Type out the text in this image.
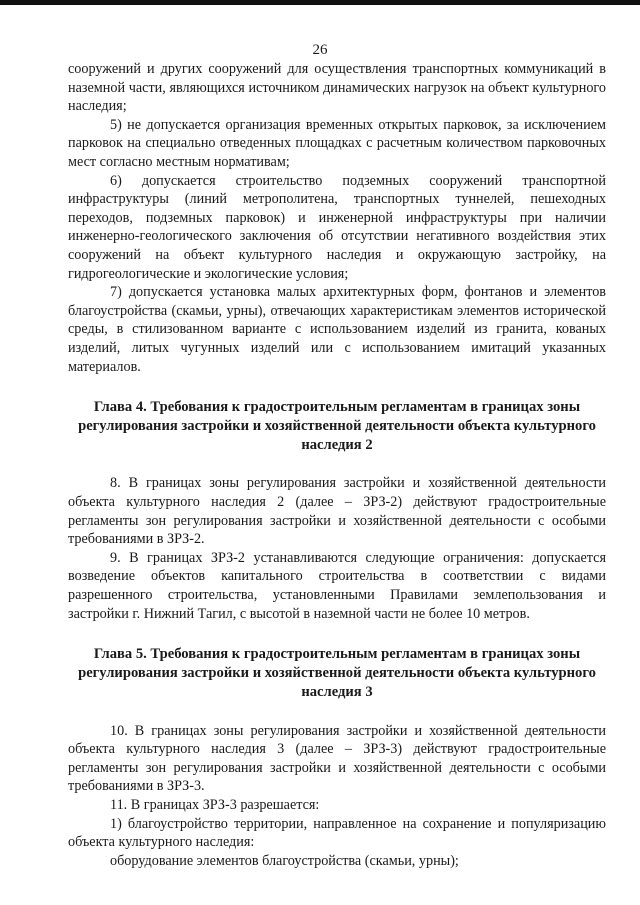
26

сооружений и других сооружений для осуществления транспортных коммуникаций в наземной части, являющихся источником динамических нагрузок на объект культурного наследия;

5) не допускается организация временных открытых парковок, за исключением парковок на специально отведенных площадках с расчетным количеством парковочных мест согласно местным нормативам;

6) допускается строительство подземных сооружений транспортной инфраструктуры (линий метрополитена, транспортных туннелей, пешеходных переходов, подземных парковок) и инженерной инфраструктуры при наличии инженерно-геологического заключения об отсутствии негативного воздействия этих сооружений на объект культурного наследия и окружающую застройку, на гидрогеологические и экологические условия;

7) допускается установка малых архитектурных форм, фонтанов и элементов благоустройства (скамьи, урны), отвечающих характеристикам элементов исторической среды, в стилизованном варианте с использованием изделий из гранита, кованых изделий, литых чугунных изделий или с использованием имитаций указанных материалов.

Глава 4. Требования к градостроительным регламентам в границах зоны регулирования застройки и хозяйственной деятельности объекта культурного наследия 2

8. В границах зоны регулирования застройки и хозяйственной деятельности объекта культурного наследия 2 (далее – ЗРЗ-2) действуют градостроительные регламенты зон регулирования застройки и хозяйственной деятельности с особыми требованиями в ЗРЗ-2.

9. В границах ЗРЗ-2 устанавливаются следующие ограничения: допускается возведение объектов капитального строительства в соответствии с видами разрешенного строительства, установленными Правилами землепользования и застройки г. Нижний Тагил, с высотой в наземной части не более 10 метров.

Глава 5. Требования к градостроительным регламентам в границах зоны регулирования застройки и хозяйственной деятельности объекта культурного наследия 3

10. В границах зоны регулирования застройки и хозяйственной деятельности объекта культурного наследия 3 (далее – ЗРЗ-3) действуют градостроительные регламенты зон регулирования застройки и хозяйственной деятельности с особыми требованиями в ЗРЗ-3.

11. В границах ЗРЗ-3 разрешается:

1) благоустройство территории, направленное на сохранение и популяризацию объекта культурного наследия:

оборудование элементов благоустройства (скамьи, урны);
